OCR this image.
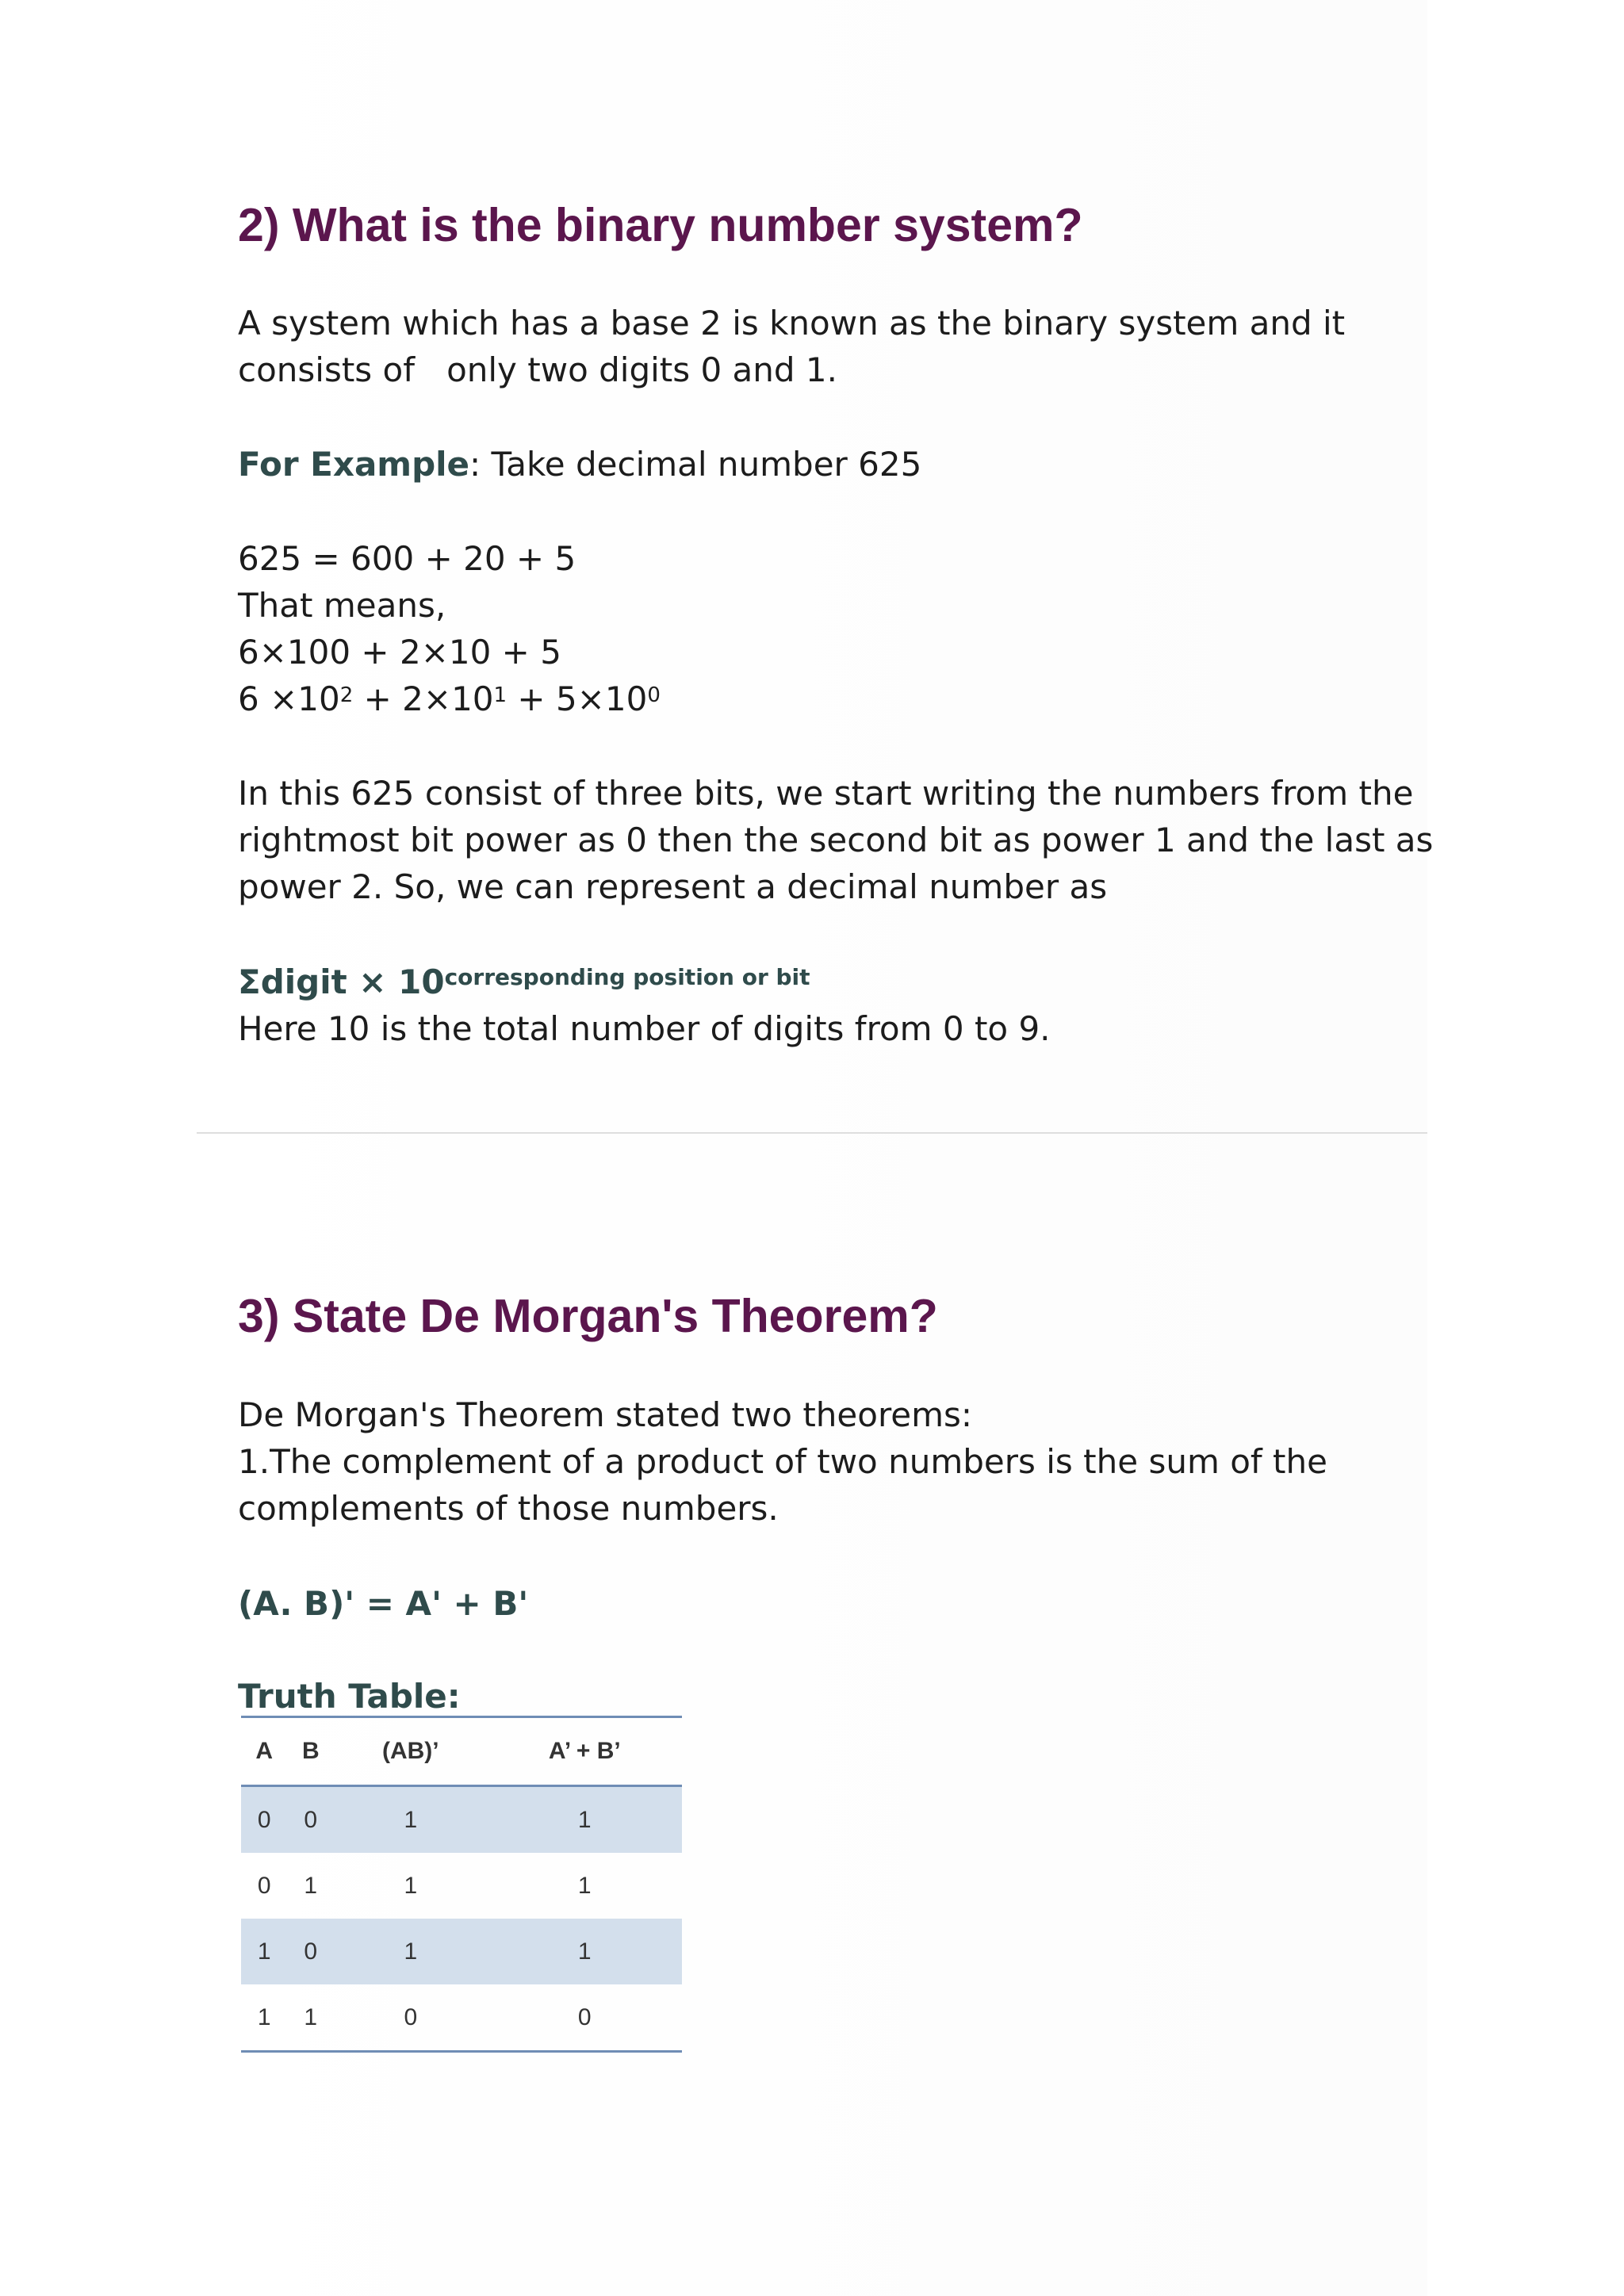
2) What is the binary number system?

A system which has a base 2 is known as the binary system and it

consists of   only two digits 0 and 1.

For Example: Take decimal number 625

625 = 600 + 20 + 5

That means,

6×100 + 2×10 + 5

$6 \times 10^2 + 2\times 10^1 + 5\times 10^0$

In this 625 consist of three bits, we start writing the numbers from the

rightmost bit power as 0 then the second bit as power 1 and the last as

power 2. So, we can represent a decimal number as

Σdigit × $10^{corresponding position or bit}$

Here 10 is the total number of digits from 0 to 9.

3) State De Morgan's Theorem?

De Morgan's Theorem stated two theorems:

1.The complement of a product of two numbers is the sum of the

complements of those numbers.

(A. B)' = A' + B'

Truth Table:

A	B	(AB)’	A’ + B’
0	0	1	1
0	1	1	1
1	0	1	1
1	1	0	0
